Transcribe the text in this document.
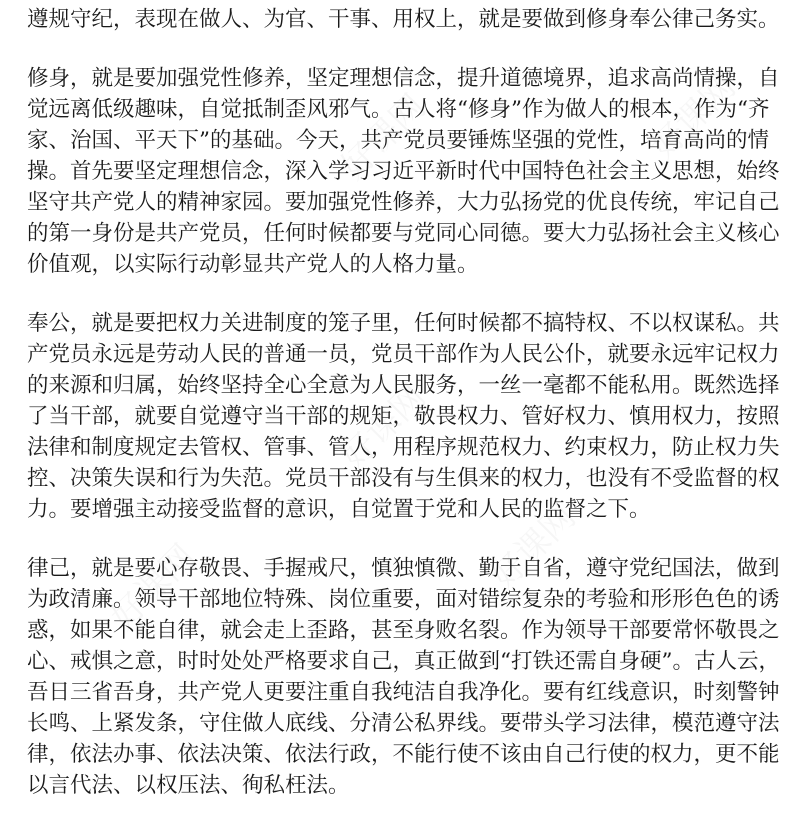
遵规守纪，表现在做人、为官、干事、用权上，就是要做到修身奉公律己务实。

修身，就是要加强党性修养，坚定理想信念，提升道德境界，追求高尚情操，自
觉远离低级趣味，自觉抵制歪风邪气。古人将“修身”作为做人的根本，作为“齐
家、治国、平天下”的基础。今天，共产党员要锤炼坚强的党性，培育高尚的情
操。首先要坚定理想信念，深入学习习近平新时代中国特色社会主义思想，始终
坚守共产党人的精神家园。要加强党性修养，大力弘扬党的优良传统，牢记自己
的第一身份是共产党员，任何时候都要与党同心同德。要大力弘扬社会主义核心
价值观，以实际行动彰显共产党人的人格力量。

奉公，就是要把权力关进制度的笼子里，任何时候都不搞特权、不以权谋私。共
产党员永远是劳动人民的普通一员，党员干部作为人民公仆，就要永远牢记权力
的来源和归属，始终坚持全心全意为人民服务，一丝一毫都不能私用。既然选择
了当干部，就要自觉遵守当干部的规矩，敬畏权力、管好权力、慎用权力，按照
法律和制度规定去管权、管事、管人，用程序规范权力、约束权力，防止权力失
控、决策失误和行为失范。党员干部没有与生俱来的权力，也没有不受监督的权
力。要增强主动接受监督的意识，自觉置于党和人民的监督之下。

律己，就是要心存敬畏、手握戒尺，慎独慎微、勤于自省，遵守党纪国法，做到
为政清廉。领导干部地位特殊、岗位重要，面对错综复杂的考验和形形色色的诱
惑，如果不能自律，就会走上歪路，甚至身败名裂。作为领导干部要常怀敬畏之
心、戒惧之意，时时处处严格要求自己，真正做到“打铁还需自身硬”。古人云，
吾日三省吾身，共产党人更要注重自我纯洁自我净化。要有红线意识，时刻警钟
长鸣、上紧发条，守住做人底线、分清公私界线。要带头学习法律，模范遵守法
律，依法办事、依法决策、依法行政，不能行使不该由自己行使的权力，更不能
以言代法、以权压法、徇私枉法。
